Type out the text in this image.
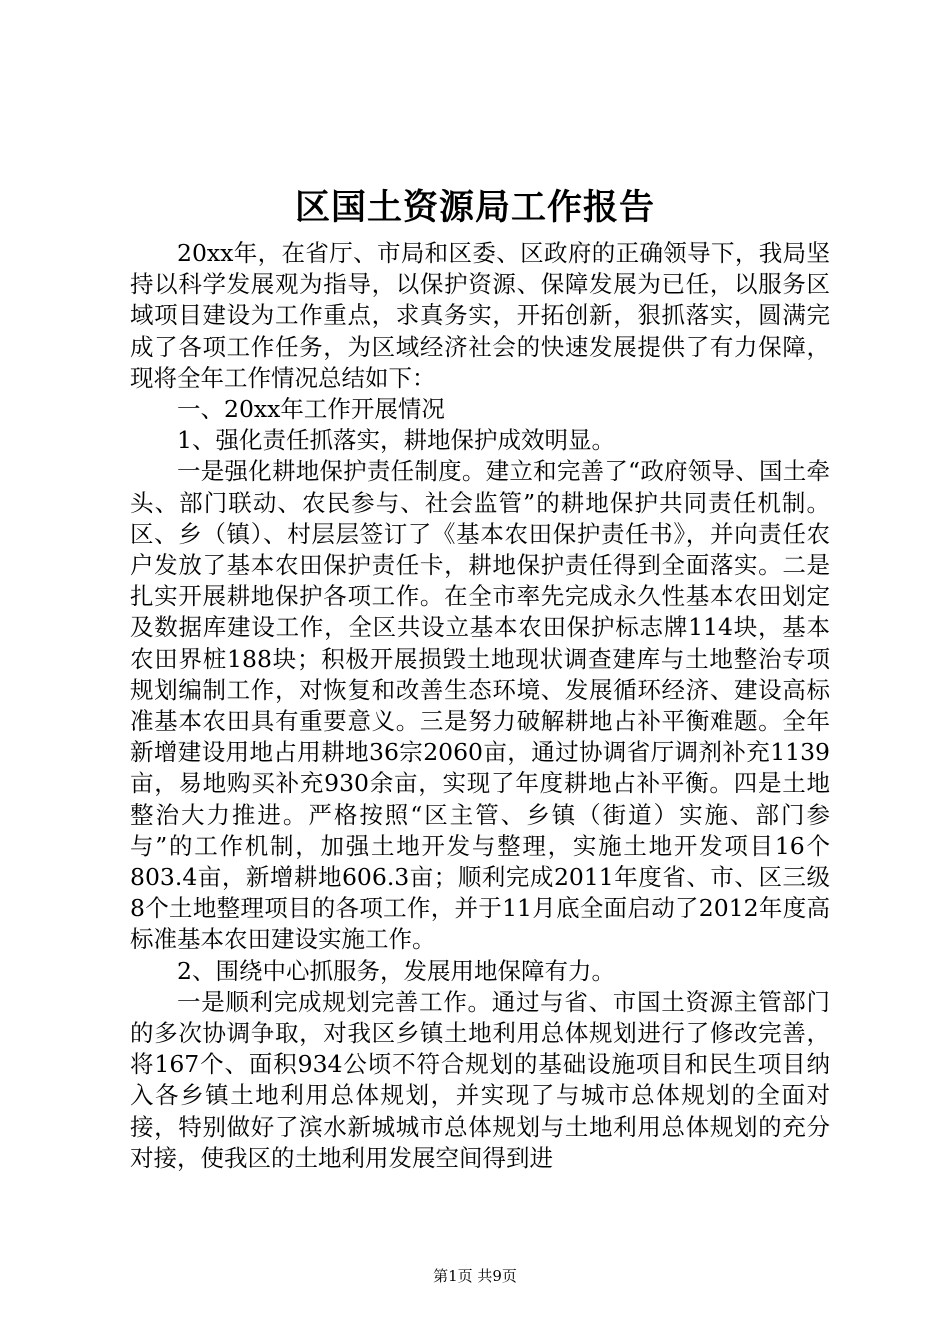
区国土资源局工作报告

20xx年，在省厅、市局和区委、区政府的正确领导下，我局坚持以科学发展观为指导，以保护资源、保障发展为已任，以服务区域项目建设为工作重点，求真务实，开拓创新，狠抓落实，圆满完成了各项工作任务，为区域经济社会的快速发展提供了有力保障，现将全年工作情况总结如下：

一、20xx年工作开展情况

1、强化责任抓落实，耕地保护成效明显。

一是强化耕地保护责任制度。建立和完善了“政府领导、国土牵头、部门联动、农民参与、社会监管”的耕地保护共同责任机制。区、乡（镇）、村层层签订了《基本农田保护责任书》，并向责任农户发放了基本农田保护责任卡，耕地保护责任得到全面落实。二是扎实开展耕地保护各项工作。在全市率先完成永久性基本农田划定及数据库建设工作，全区共设立基本农田保护标志牌114块，基本农田界桩188块；积极开展损毁土地现状调查建库与土地整治专项规划编制工作，对恢复和改善生态环境、发展循环经济、建设高标准基本农田具有重要意义。三是努力破解耕地占补平衡难题。全年新增建设用地占用耕地36宗2060亩，通过协调省厅调剂补充1139亩，易地购买补充930余亩，实现了年度耕地占补平衡。四是土地整治大力推进。严格按照“区主管、乡镇（街道）实施、部门参与”的工作机制，加强土地开发与整理，实施土地开发项目16个803.4亩，新增耕地606.3亩；顺利完成2011年度省、市、区三级8个土地整理项目的各项工作，并于11月底全面启动了2012年度高标准基本农田建设实施工作。

2、围绕中心抓服务，发展用地保障有力。

一是顺利完成规划完善工作。通过与省、市国土资源主管部门的多次协调争取，对我区乡镇土地利用总体规划进行了修改完善，将167个、面积934公顷不符合规划的基础设施项目和民生项目纳入各乡镇土地利用总体规划，并实现了与城市总体规划的全面对接，特别做好了滨水新城城市总体规划与土地利用总体规划的充分对接，使我区的土地利用发展空间得到进

第1页 共9页
